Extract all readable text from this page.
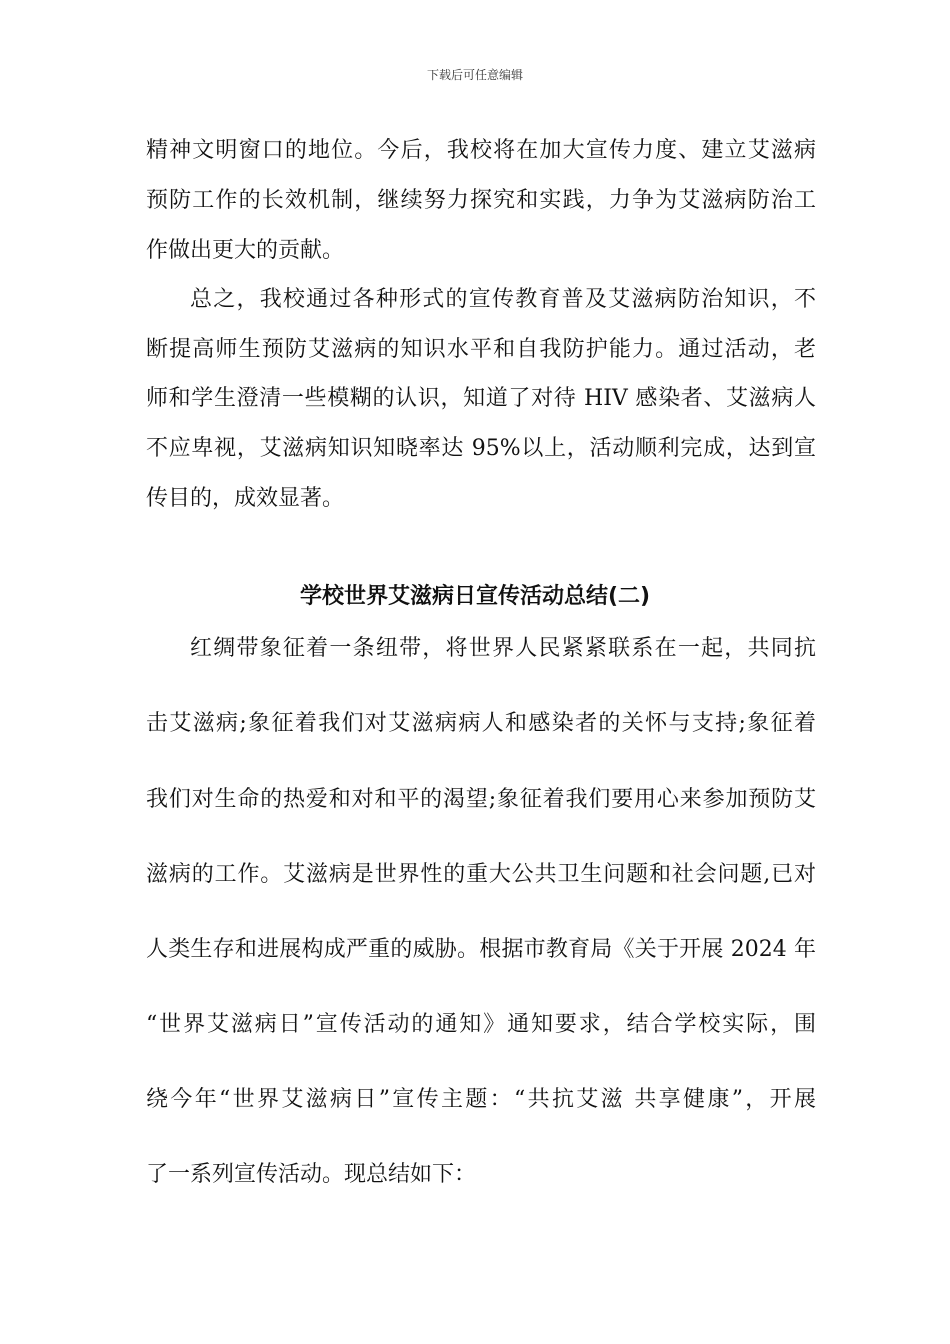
下载后可任意编辑
精神文明窗口的地位。今后，我校将在加大宣传力度、建立艾滋病
预防工作的长效机制，继续努力探究和实践，力争为艾滋病防治工
作做出更大的贡献。
总之，我校通过各种形式的宣传教育普及艾滋病防治知识，不
断提高师生预防艾滋病的知识水平和自我防护能力。通过活动，老
师和学生澄清一些模糊的认识，知道了对待 HIV 感染者、艾滋病人
不应卑视，艾滋病知识知晓率达 95%以上，活动顺利完成，达到宣
传目的，成效显著。
学校世界艾滋病日宣传活动总结(二)
红绸带象征着一条纽带，将世界人民紧紧联系在一起，共同抗
击艾滋病;象征着我们对艾滋病病人和感染者的关怀与支持;象征着
我们对生命的热爱和对和平的渴望;象征着我们要用心来参加预防艾
滋病的工作。艾滋病是世界性的重大公共卫生问题和社会问题,已对
人类生存和进展构成严重的威胁。根据市教育局《关于开展 2024 年
“世界艾滋病日”宣传活动的通知》通知要求，结合学校实际，围
绕今年“世界艾滋病日”宣传主题：“共抗艾滋 共享健康”，开展
了一系列宣传活动。现总结如下：
